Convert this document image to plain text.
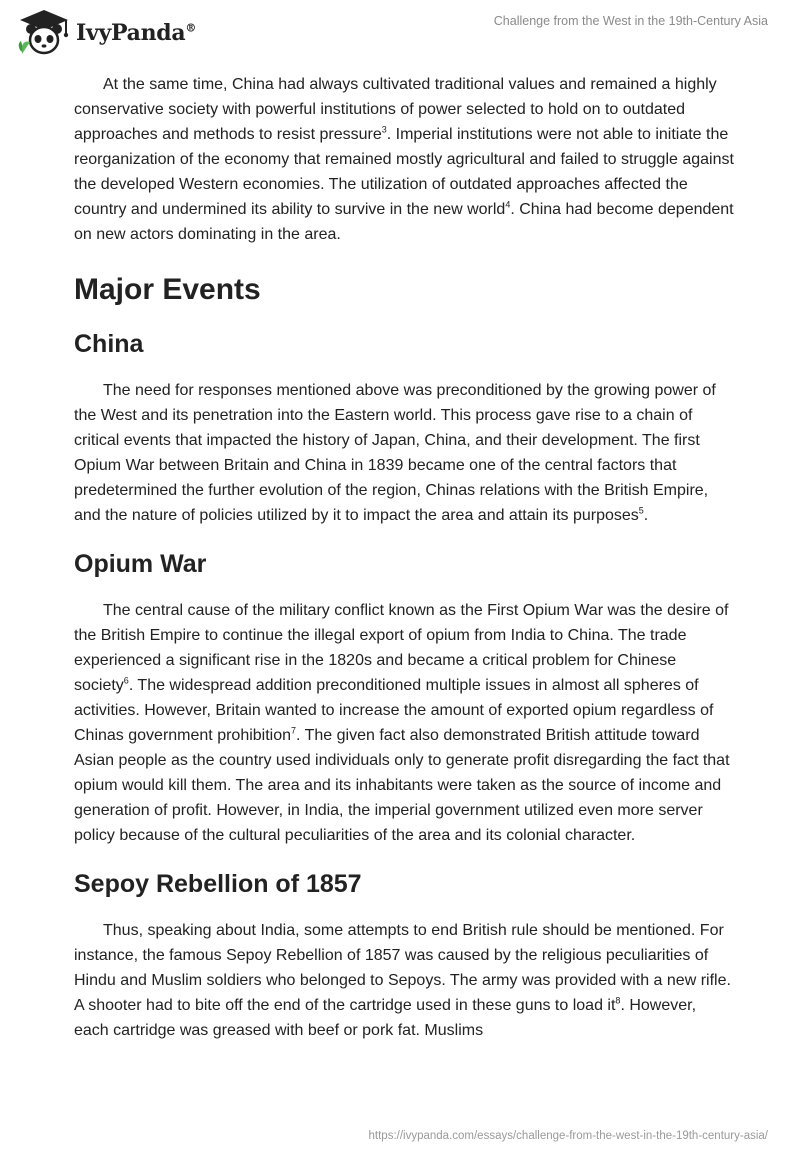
IvyPanda®
Challenge from the West in the 19th-Century Asia

At the same time, China had always cultivated traditional values and remained a highly conservative society with powerful institutions of power selected to hold on to outdated approaches and methods to resist pressure$^3$. Imperial institutions were not able to initiate the reorganization of the economy that remained mostly agricultural and failed to struggle against the developed Western economies. The utilization of outdated approaches affected the country and undermined its ability to survive in the new world$^4$. China had become dependent on new actors dominating in the area.

Major Events
China

The need for responses mentioned above was preconditioned by the growing power of the West and its penetration into the Eastern world. This process gave rise to a chain of critical events that impacted the history of Japan, China, and their development. The first Opium War between Britain and China in 1839 became one of the central factors that predetermined the further evolution of the region, Chinas relations with the British Empire, and the nature of policies utilized by it to impact the area and attain its purposes$^5$.

Opium War

The central cause of the military conflict known as the First Opium War was the desire of the British Empire to continue the illegal export of opium from India to China. The trade experienced a significant rise in the 1820s and became a critical problem for Chinese society$^6$. The widespread addition preconditioned multiple issues in almost all spheres of activities. However, Britain wanted to increase the amount of exported opium regardless of Chinas government prohibition$^7$. The given fact also demonstrated British attitude toward Asian people as the country used individuals only to generate profit disregarding the fact that opium would kill them. The area and its inhabitants were taken as the source of income and generation of profit. However, in India, the imperial government utilized even more server policy because of the cultural peculiarities of the area and its colonial character.

Sepoy Rebellion of 1857

Thus, speaking about India, some attempts to end British rule should be mentioned. For instance, the famous Sepoy Rebellion of 1857 was caused by the religious peculiarities of Hindu and Muslim soldiers who belonged to Sepoys. The army was provided with a new rifle. A shooter had to bite off the end of the cartridge used in these guns to load it$^8$. However, each cartridge was greased with beef or pork fat. Muslims

https://ivypanda.com/essays/challenge-from-the-west-in-the-19th-century-asia/
